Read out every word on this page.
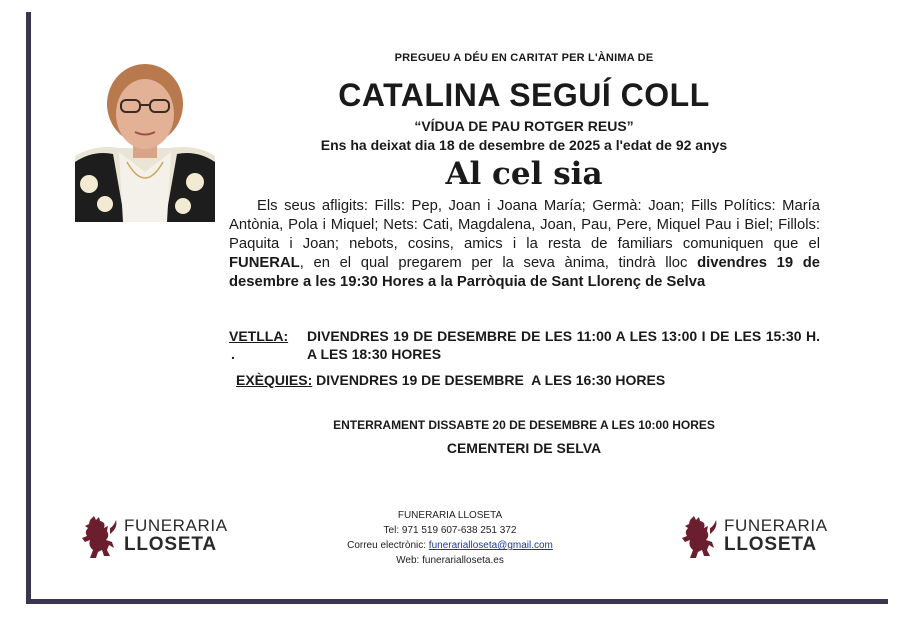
PREGUEU A DÉU EN CARITAT PER L'ÀNIMA DE
CATALINA SEGUÍ COLL
“VÍDUA DE PAU ROTGER REUS”
Ens ha deixat dia 18 de desembre de 2025 a l'edat de 92 anys
Al cel sia
Els seus afligits: Fills: Pep, Joan i Joana María; Germà: Joan; Fills Polítics: María Antònia, Pola i Miquel; Nets: Cati, Magdalena, Joan, Pau, Pere, Miquel Pau i Biel; Fillols: Paquita i Joan; nebots, cosins, amics i la resta de familiars comuniquen que el FUNERAL, en el qual pregarem per la seva ànima, tindrà lloc divendres 19 de desembre a les 19:30 Hores a la Parròquia de Sant Llorenç de Selva
VETLLA: DIVENDRES 19 DE DESEMBRE DE LES 11:00 A LES 13:00 I DE LES 15:30 H. A LES 18:30 HORES
.
EXÈQUIES: DIVENDRES 19 DE DESEMBRE  A LES 16:30 HORES
ENTERRAMENT DISSABTE 20 DE DESEMBRE A LES 10:00 HORES
CEMENTERI DE SELVA
FUNERARIA LLOSETA
Tel: 971 519 607-638 251 372
Correu electrònic: funerarialloseta@gmail.com
Web: funerarialloseta.es
FUNERARIA
LLOSETA
FUNERARIA
LLOSETA
